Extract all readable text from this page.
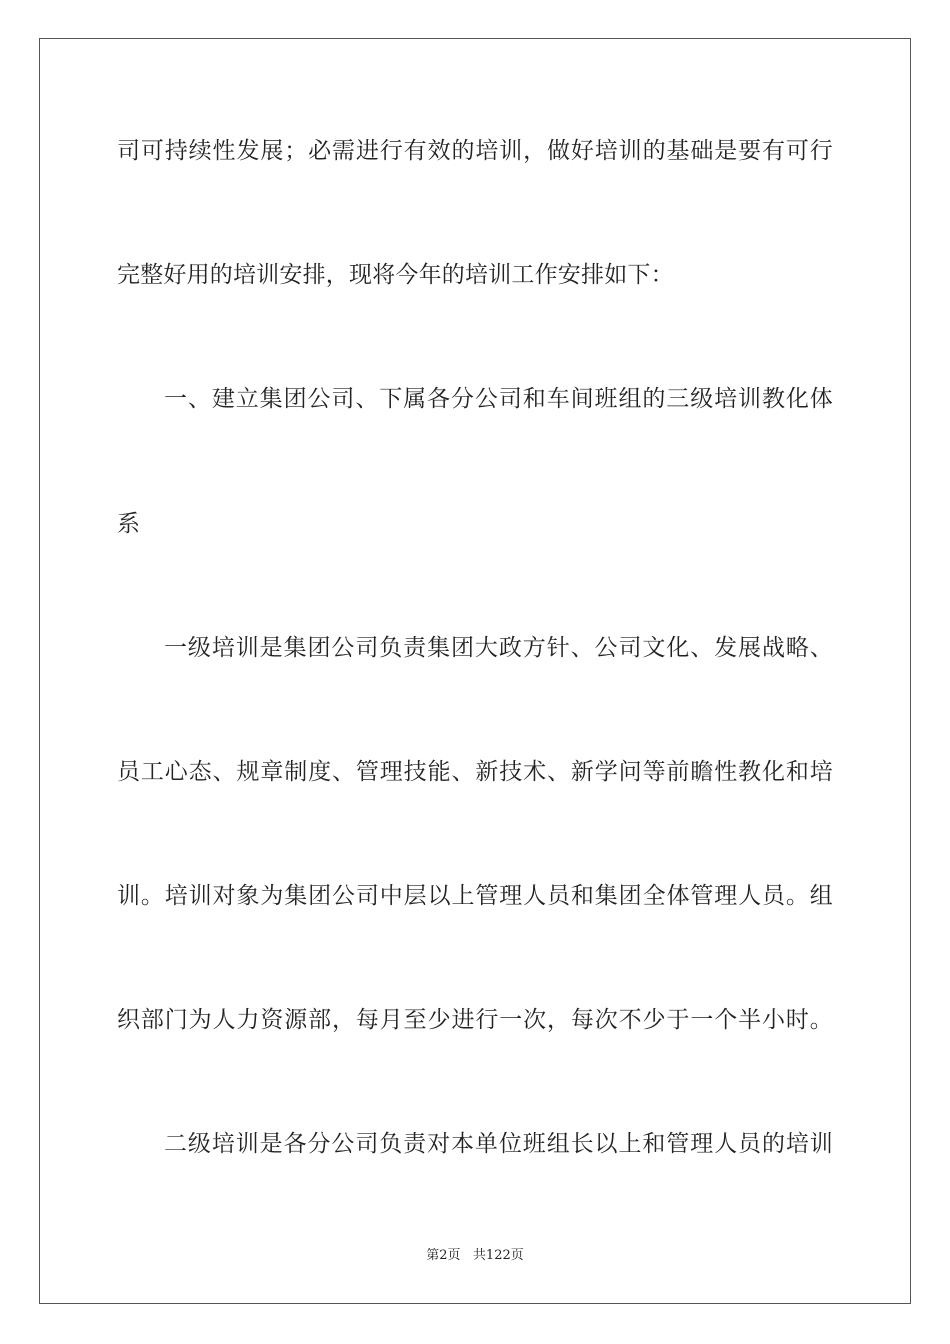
司可持续性发展；必需进行有效的培训，做好培训的基础是要有可行
完整好用的培训安排，现将今年的培训工作安排如下：
一、建立集团公司、下属各分公司和车间班组的三级培训教化体
系
一级培训是集团公司负责集团大政方针、公司文化、发展战略、
员工心态、规章制度、管理技能、新技术、新学问等前瞻性教化和培
训。培训对象为集团公司中层以上管理人员和集团全体管理人员。组
织部门为人力资源部，每月至少进行一次，每次不少于一个半小时。
二级培训是各分公司负责对本单位班组长以上和管理人员的培训
第2页 共122页
